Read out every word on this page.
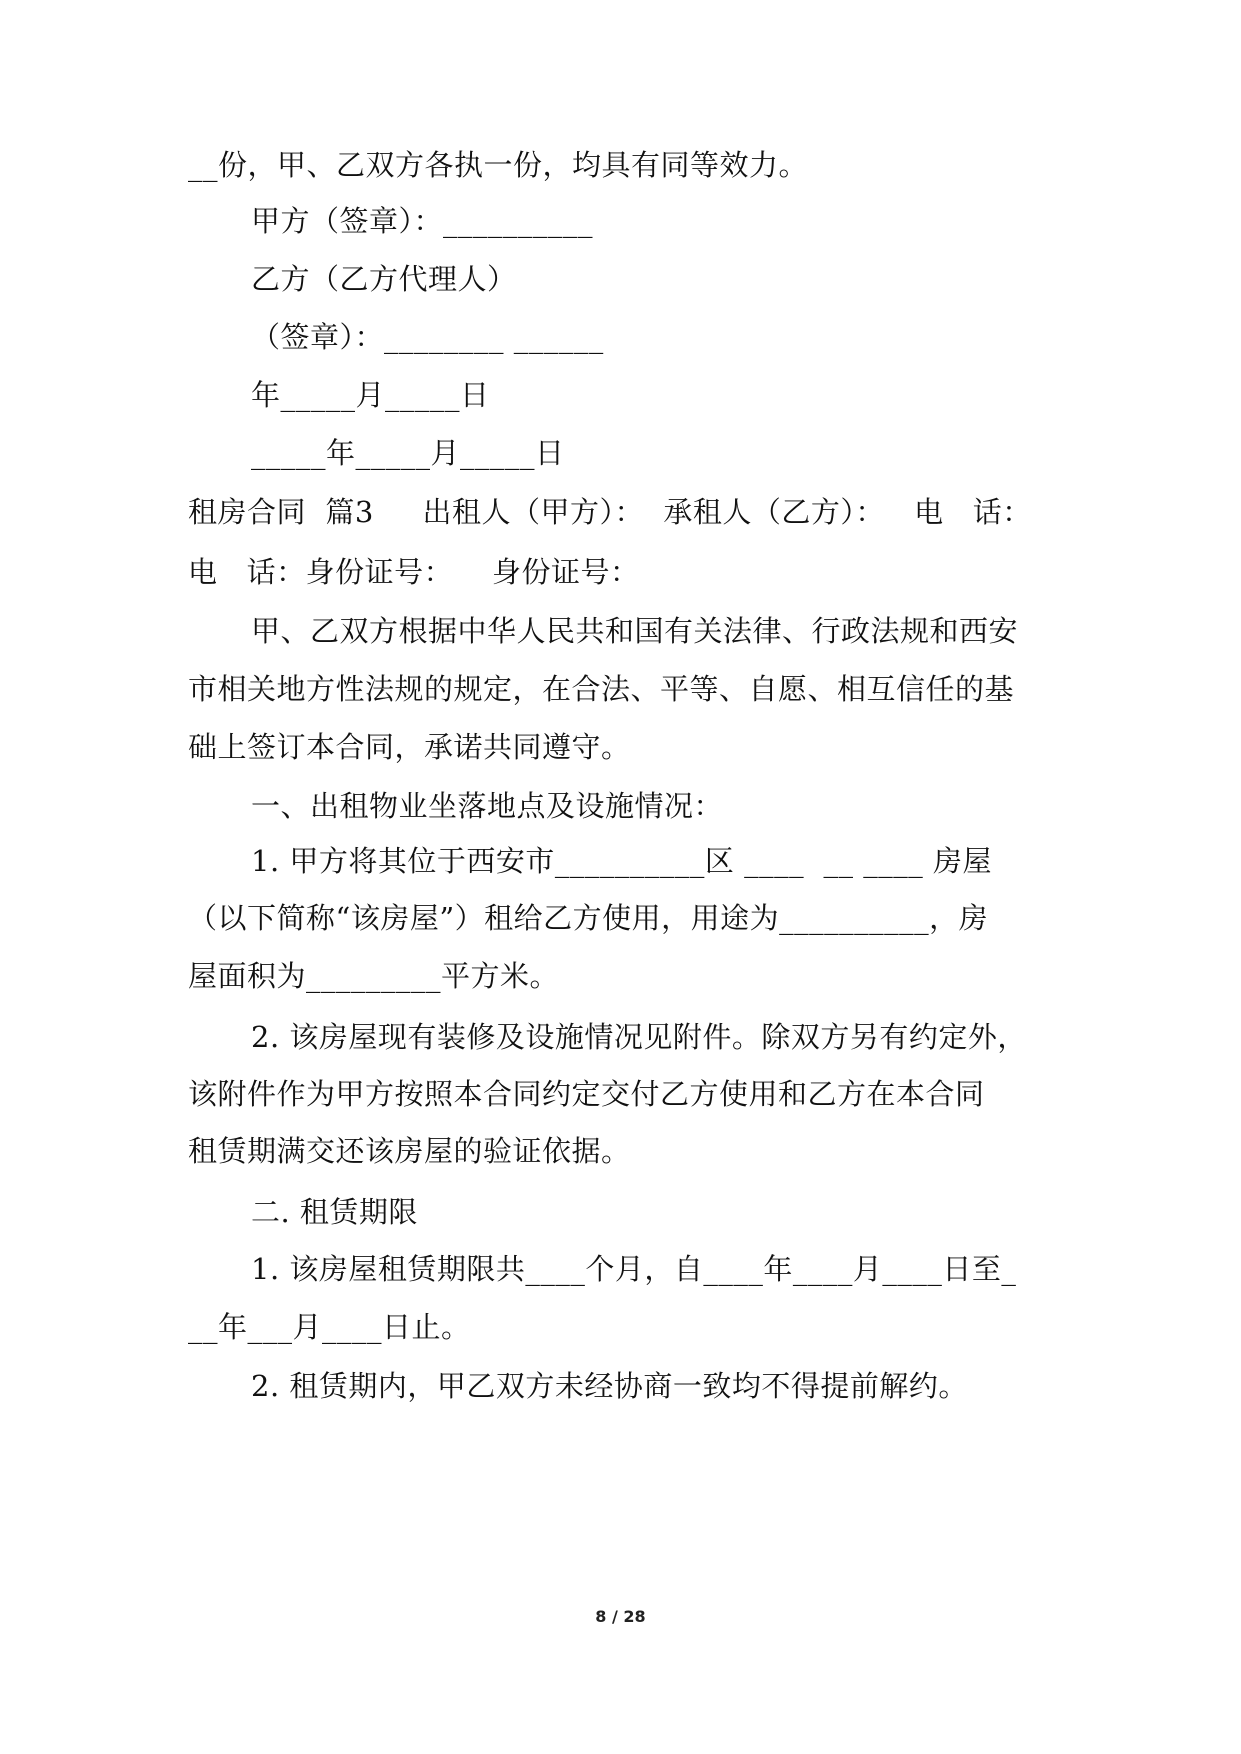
__份，甲、乙双方各执一份，均具有同等效力。
甲方（签章）：__________
乙方（乙方代理人）
（签章）：________ ______
年_____月_____日
_____年_____月_____日
租房合同  篇3     出租人（甲方）：  承租人（乙方）：   电   话：
电   话：身份证号：    身份证号：
甲、乙双方根据中华人民共和国有关法律、行政法规和西安
市相关地方性法规的规定，在合法、平等、自愿、相互信任的基
础上签订本合同，承诺共同遵守。
一、出租物业坐落地点及设施情况：
1. 甲方将其位于西安市__________区 ____  __ ____ 房屋
（以下简称“该房屋”）租给乙方使用，用途为__________，房
屋面积为_________平方米。
2. 该房屋现有装修及设施情况见附件。除双方另有约定外，
该附件作为甲方按照本合同约定交付乙方使用和乙方在本合同
租赁期满交还该房屋的验证依据。
二. 租赁期限
1. 该房屋租赁期限共____个月，自____年____月____日至_
__年___月____日止。
2. 租赁期内，甲乙双方未经协商一致均不得提前解约。
8 / 28
